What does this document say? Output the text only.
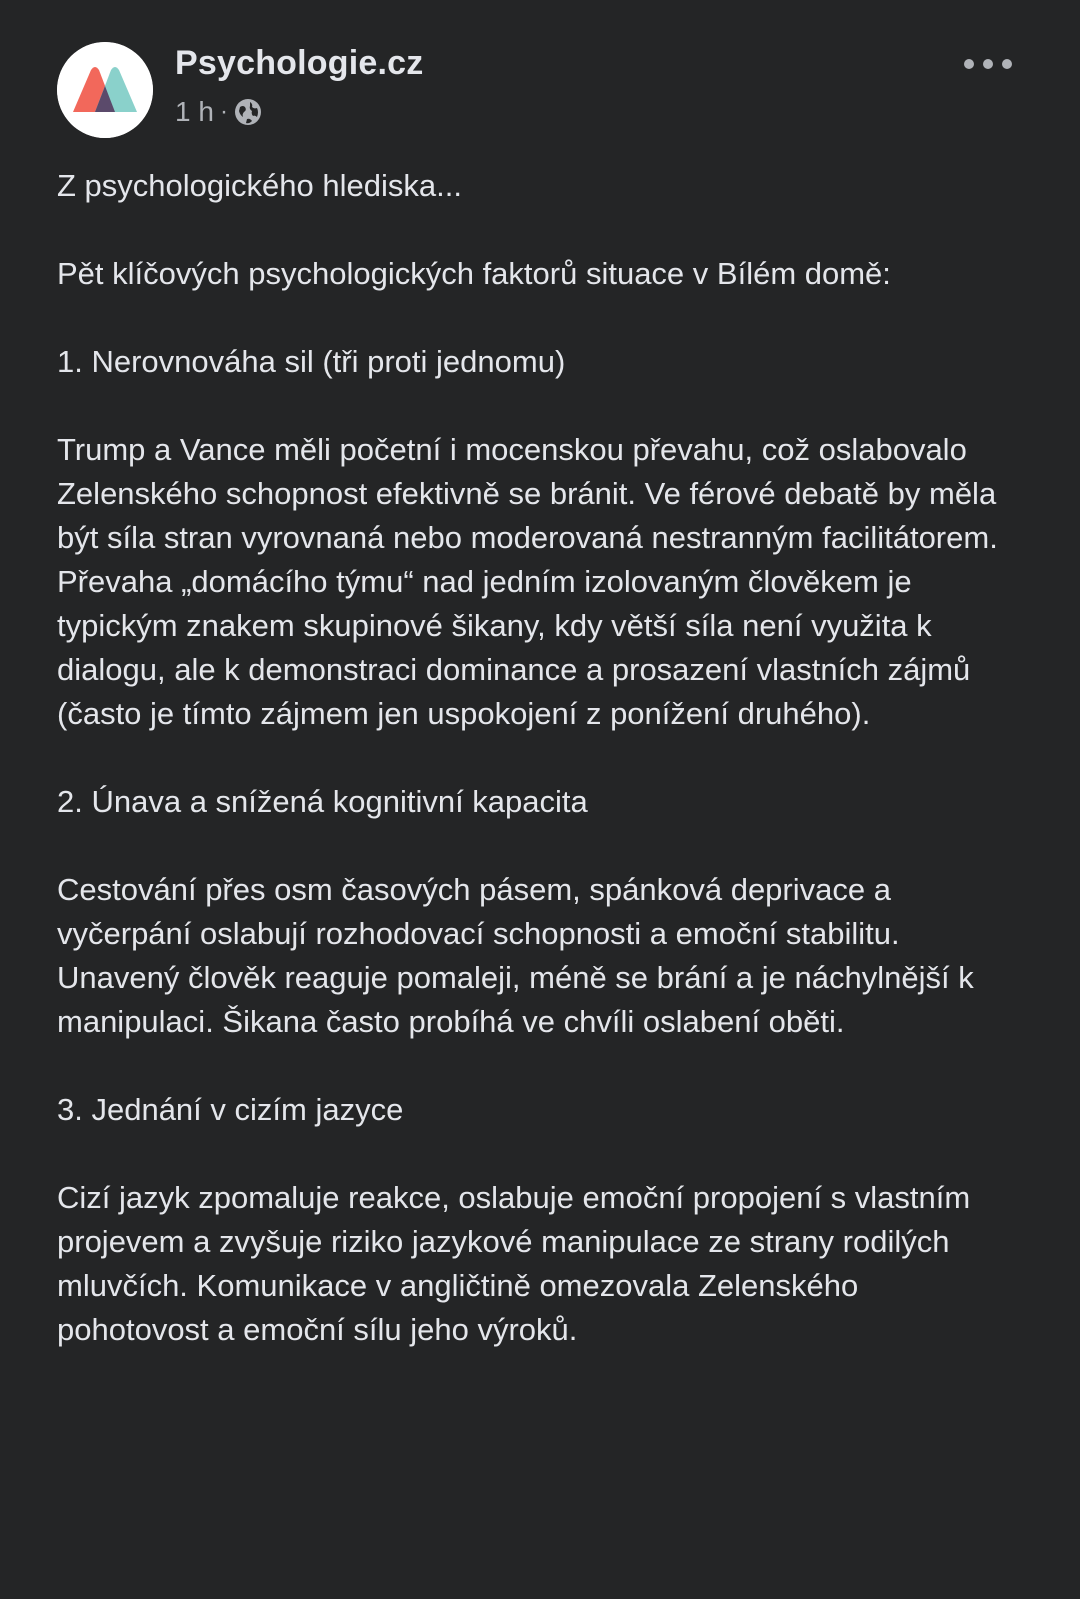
Psychologie.cz
1 h ·

Z psychologického hlediska...

Pět klíčových psychologických faktorů situace v Bílém domě:

1. Nerovnováha sil (tři proti jednomu)

Trump a Vance měli početní i mocenskou převahu, což oslabovalo Zelenského schopnost efektivně se bránit. Ve férové debatě by měla být síla stran vyrovnaná nebo moderovaná nestranným facilitátorem. Převaha „domácího týmu“ nad jedním izolovaným člověkem je typickým znakem skupinové šikany, kdy větší síla není využita k dialogu, ale k demonstraci dominance a prosazení vlastních zájmů (často je tímto zájmem jen uspokojení z ponížení druhého).

2. Únava a snížená kognitivní kapacita

Cestování přes osm časových pásem, spánková deprivace a vyčerpání oslabují rozhodovací schopnosti a emoční stabilitu. Unavený člověk reaguje pomaleji, méně se brání a je náchylnější k manipulaci. Šikana často probíhá ve chvíli oslabení oběti.

3. Jednání v cizím jazyce

Cizí jazyk zpomaluje reakce, oslabuje emoční propojení s vlastním projevem a zvyšuje riziko jazykové manipulace ze strany rodilých mluvčích. Komunikace v angličtině omezovala Zelenského pohotovost a emoční sílu jeho výroků.
